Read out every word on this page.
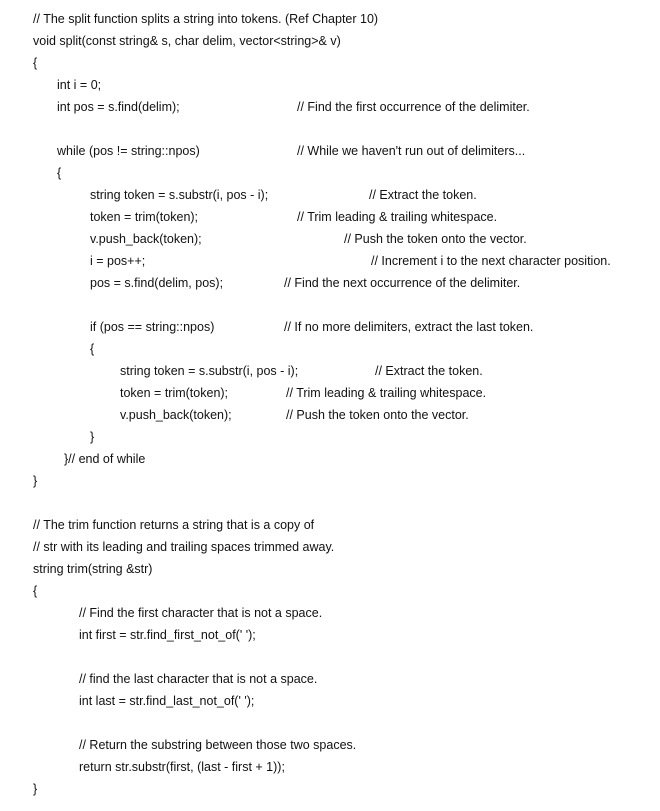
// The split function splits a string into tokens. (Ref Chapter 10)
void split(const string& s, char delim, vector<string>& v)
{
int i = 0;
int pos = s.find(delim);	// Find the first occurrence of the delimiter.
while (pos != string::npos)	// While we haven't run out of delimiters...
{
string token = s.substr(i, pos - i);	// Extract the token.
token = trim(token);	// Trim leading & trailing whitespace.
v.push_back(token);	// Push the token onto the vector.
i = pos++;	// Increment i to the next character position.
pos = s.find(delim, pos);	// Find the next occurrence of the delimiter.
if (pos == string::npos)	// If no more delimiters, extract the last token.
{
string token = s.substr(i, pos - i);	// Extract the token.
token = trim(token);	// Trim leading & trailing whitespace.
v.push_back(token);	// Push the token onto the vector.
}
}// end of while
}
// The trim function returns a string that is a copy of
// str with its leading and trailing spaces trimmed away.
string trim(string &str)
{
// Find the first character that is not a space.
int first = str.find_first_not_of(' ');
// find the last character that is not a space.
int last = str.find_last_not_of(' ');
// Return the substring between those two spaces.
return str.substr(first, (last - first + 1));
}
